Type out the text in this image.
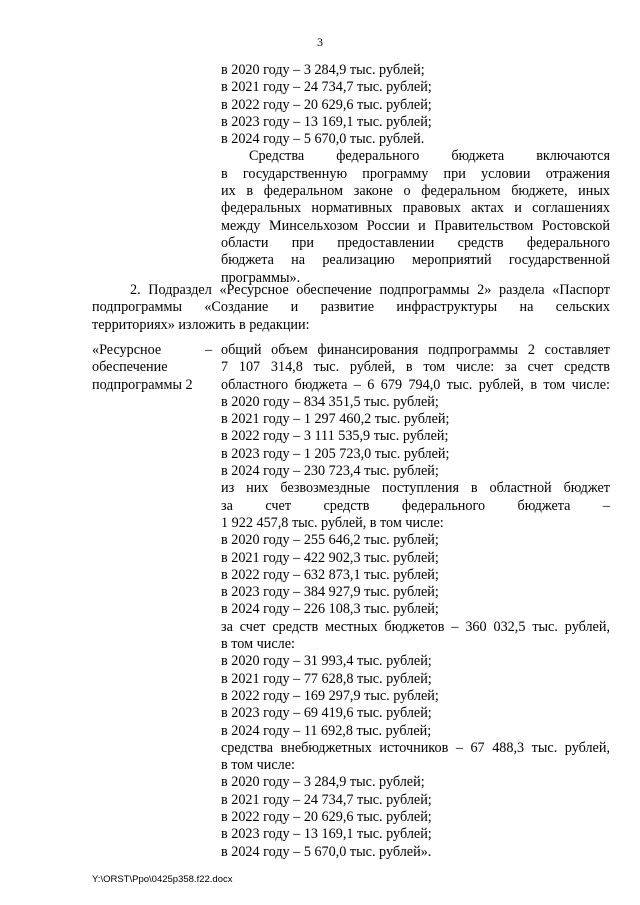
3
в 2020 году – 3 284,9 тыс. рублей;
в 2021 году – 24 734,7 тыс. рублей;
в 2022 году – 20 629,6 тыс. рублей;
в 2023 году – 13 169,1 тыс. рублей;
в 2024 году – 5 670,0 тыс. рублей.
Средства федерального бюджета включаются
в государственную программу при условии отражения
их в федеральном законе о федеральном бюджете, иных
федеральных нормативных правовых актах и соглашениях
между Минсельхозом России и Правительством Ростовской
области при предоставлении средств федерального
бюджета на реализацию мероприятий государственной
программы».
2. Подраздел «Ресурсное обеспечение подпрограммы 2» раздела «Паспорт
подпрограммы «Создание и развитие инфраструктуры на сельских
территориях» изложить в редакции:
«Ресурсное
обеспечение
подпрограммы 2
– общий объем финансирования подпрограммы 2 составляет
7 107 314,8 тыс. рублей, в том числе: за счет средств
областного бюджета – 6 679 794,0 тыс. рублей, в том числе:
в 2020 году – 834 351,5 тыс. рублей;
в 2021 году – 1 297 460,2 тыс. рублей;
в 2022 году – 3 111 535,9 тыс. рублей;
в 2023 году – 1 205 723,0 тыс. рублей;
в 2024 году – 230 723,4 тыс. рублей;
из них безвозмездные поступления в областной бюджет
за счет средств федерального бюджета –
1 922 457,8 тыс. рублей, в том числе:
в 2020 году – 255 646,2 тыс. рублей;
в 2021 году – 422 902,3 тыс. рублей;
в 2022 году – 632 873,1 тыс. рублей;
в 2023 году – 384 927,9 тыс. рублей;
в 2024 году – 226 108,3 тыс. рублей;
за счет средств местных бюджетов – 360 032,5 тыс. рублей,
в том числе:
в 2020 году – 31 993,4 тыс. рублей;
в 2021 году – 77 628,8 тыс. рублей;
в 2022 году – 169 297,9 тыс. рублей;
в 2023 году – 69 419,6 тыс. рублей;
в 2024 году – 11 692,8 тыс. рублей;
средства внебюджетных источников – 67 488,3 тыс. рублей,
в том числе:
в 2020 году – 3 284,9 тыс. рублей;
в 2021 году – 24 734,7 тыс. рублей;
в 2022 году – 20 629,6 тыс. рублей;
в 2023 году – 13 169,1 тыс. рублей;
в 2024 году – 5 670,0 тыс. рублей».
Y:\ORST\Ppo\0425p358.f22.docx
